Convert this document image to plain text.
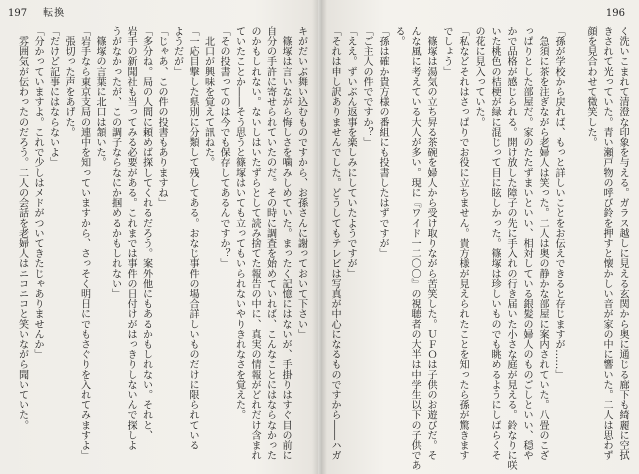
197 転換
キがだいぶ舞い込むものですから、お孫さんに謝っておいて下さい」
　篠塚は言いながら悔しさを噛みしめていた。まったく記憶にはないが、手掛りはすぐ目の前に
自分の手許に寄せられていたのだ。その時に調査を始めていれば、こんなことにはならなかった
のかもしれない。ないしはいたずらとして読み捨てた報告の中に、真実の情報がどれだけ含まれ
ていたことか――そう思うと篠塚はいても立ってもいられないやりきれなさを覚えた。
「その投書ってのは今でも保存してあるんですか？」
　北口が興味を覚えて訊ねた。
「一応目撃した県別に分類して残してある。おなじ事件の場合詳しいものだけに限られている
ようだが」
「じゃあ、この件の投書もありますね」
「多分ね。局の人間に頼めば探してくれるだろう。案外他にもあるかもしれない。それと、
岩手の新聞社も当ってみる必要がある。これまでは事件の日付けがはっきりしないんで探しよ
うがなかったが、この調子ならなにか掴めるかもしれない」
　篠塚の言葉に北口は頷いた。
「岩手なら東京支局の連中を知っていますから、さっそく明日にでもさぐりを入れてみますよ」
　張切った声をあげた。
「だけど記事にはならないよ」
「分かっていますよ。これで少しはメドがついてきたじゃありませんか」
　雰囲気が伝わったのだろう。二人の会話を老婦人はニコニコと笑いながら聞いていた。
196
く洗いこまれて清澄な印象を与える。ガラス越しに見える玄関から奥に通じる廊下も綺麗に空拭
きされて光っていた。青い瀬戸物の呼び鈴を押すと懐かしい音が家の中に響いた。二人は思わず
顔を見合わせて微笑した。
「孫が学校から戻れば、もっと詳しいことをお伝えできると存じますが……」
　急須に茶を注ぎながら老婦人は笑った。二人は奥の静かな部屋に案内されていた。八畳のこざ
っぱりとした部屋だ。家のたたずまいといい、相対している銀髪の婦人のものごしといい、穏や
かで品格が感じられる。開け放した障子の先に手入れの行き届いた小さな庭が見える。鈴なりに咲
いた桃色の桔梗が緑に混じって目に眩しかった。篠塚は珍しいものでも眺めるようにしばらくそ
の花に見入っていた。
「私などそれはさっぱりでお役に立ちません。貴方様が見えられたことを知ったら孫が驚きます
でしょう」
　篠塚は湯気の立ち昇る茶碗を婦人から受け取りながら苦笑した。ＵＦＯは子供のお遊びだ。そ
んな風に考えている大人が多い。現に『ワイド一二〇〇』の視聴者の大半は中学生以下の子供であ
る。
「孫は確か貴方様の番組にも投書したはずですが」
「ご主人の件でですか？」
「ええ。ずいぶん返事を楽しみにしていたようですが」
「それは申し訳ありませんでした。どうしてもテレビは写真が中心になるものですから――ハガ
